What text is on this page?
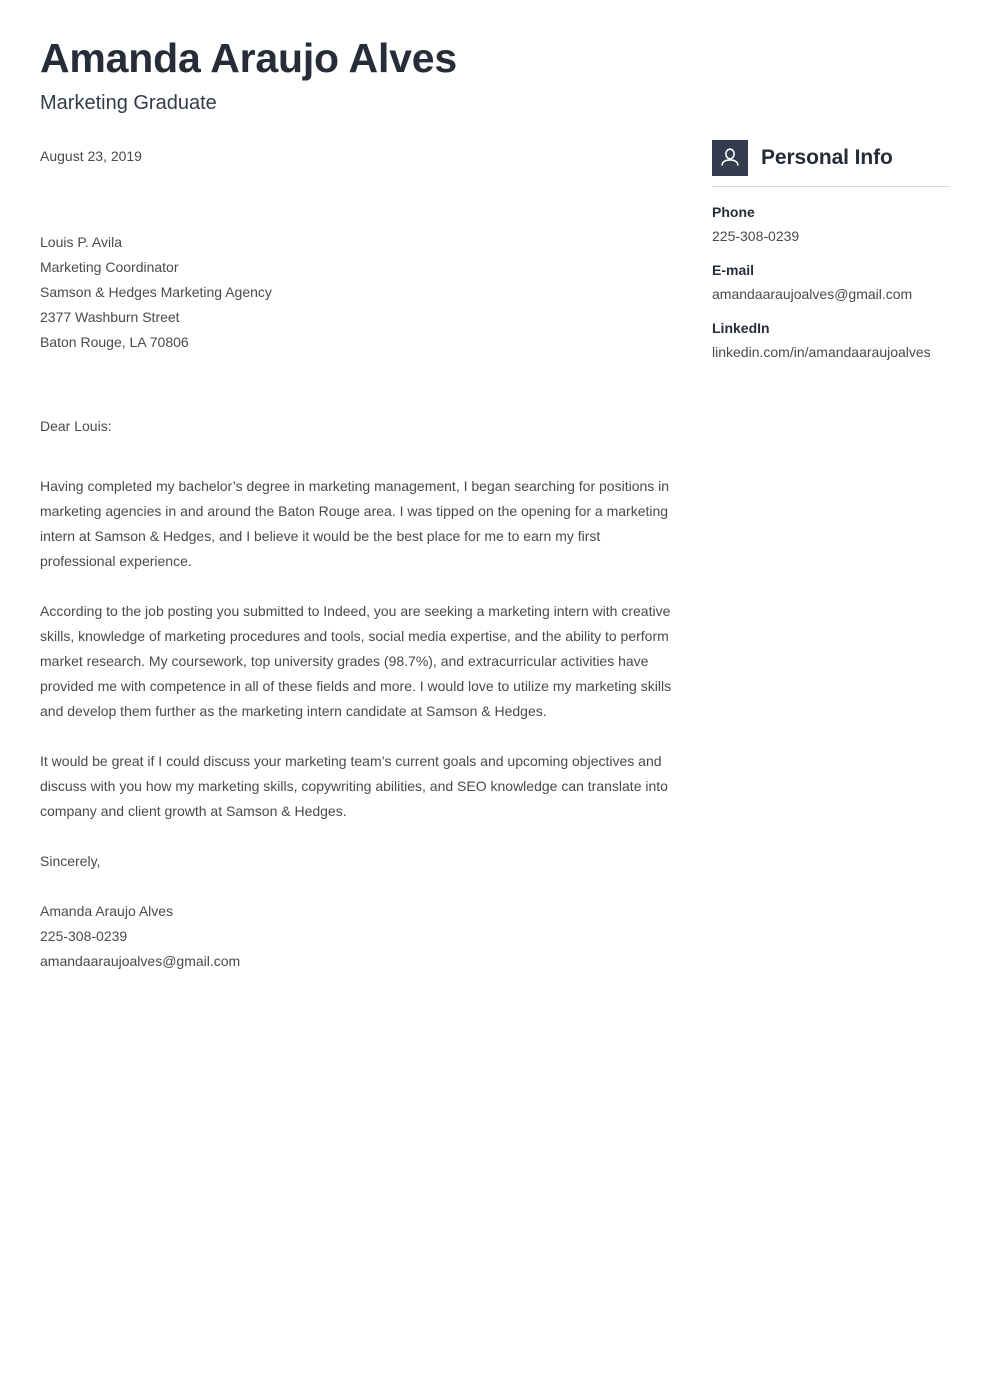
Amanda Araujo Alves
Marketing Graduate
August 23, 2019
Louis P. Avila
Marketing Coordinator
Samson & Hedges Marketing Agency
2377 Washburn Street
Baton Rouge, LA 70806

Dear Louis:

Having completed my bachelor’s degree in marketing management, I began searching for positions in marketing agencies in and around the Baton Rouge area. I was tipped on the opening for a marketing intern at Samson & Hedges, and I believe it would be the best place for me to earn my first professional experience.

According to the job posting you submitted to Indeed, you are seeking a marketing intern with creative skills, knowledge of marketing procedures and tools, social media expertise, and the ability to perform market research. My coursework, top university grades (98.7%), and extracurricular activities have provided me with competence in all of these fields and more. I would love to utilize my marketing skills and develop them further as the marketing intern candidate at Samson & Hedges.

It would be great if I could discuss your marketing team’s current goals and upcoming objectives and discuss with you how my marketing skills, copywriting abilities, and SEO knowledge can translate into company and client growth at Samson & Hedges.

Sincerely,

Amanda Araujo Alves
225-308-0239
amandaaraujoalves@gmail.com
Personal Info
Phone
225-308-0239
E-mail
amandaaraujoalves@gmail.com
LinkedIn
linkedin.com/in/amandaaraujoalves
